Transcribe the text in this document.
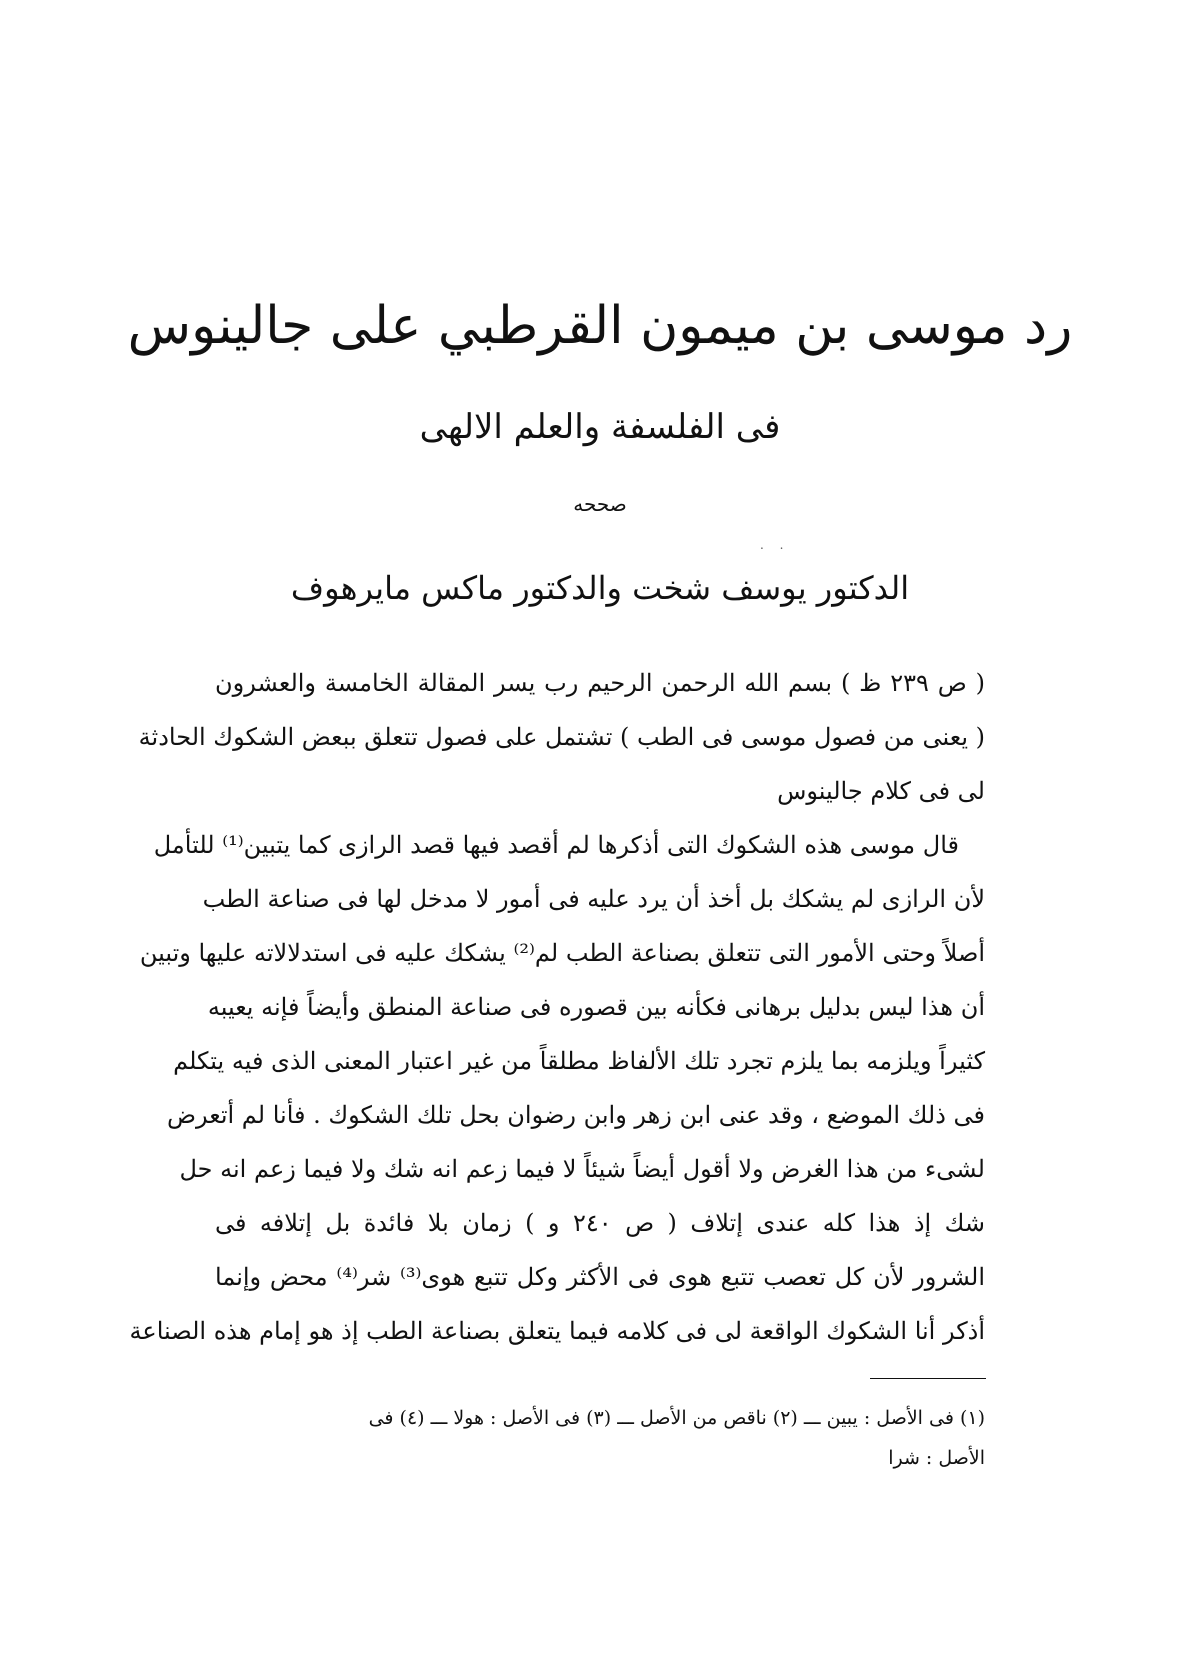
رد موسى بن ميمون القرطبي على جالينوس
فى الفلسفة والعلم الالهى
صححه
. .
الدكتور يوسف شخت والدكتور ماكس مايرهوف
( ص ٢٣٩ ظ ) بسم الله الرحمن الرحيم رب يسر المقالة الخامسة والعشرون
( يعنى من فصول موسى فى الطب ) تشتمل على فصول تتعلق ببعض الشكوك الحادثة
لى فى كلام جالينوس
قال موسى هذه الشكوك التى أذكرها لم أقصد فيها قصد الرازى كما يتبين⁽¹⁾ للتأمل
لأن الرازى لم يشكك بل أخذ أن يرد عليه فى أمور لا مدخل لها فى صناعة الطب
أصلاً وحتى الأمور التى تتعلق بصناعة الطب لم⁽²⁾ يشكك عليه فى استدلالاته عليها وتبين
أن هذا ليس بدليل برهانى فكأنه بين قصوره فى صناعة المنطق وأيضاً فإنه يعيبه
كثيراً ويلزمه بما يلزم تجرد تلك الألفاظ مطلقاً من غير اعتبار المعنى الذى فيه يتكلم
فى ذلك الموضع ، وقد عنى ابن زهر وابن رضوان بحل تلك الشكوك . فأنا لم أتعرض
لشىء من هذا الغرض ولا أقول أيضاً شيئاً لا فيما زعم انه شك ولا فيما زعم انه حل
شك إذ هذا كله عندى إتلاف ( ص ٢٤٠ و ) زمان بلا فائدة بل إتلافه فى
الشرور لأن كل تعصب تتبع هوى فى الأكثر وكل تتبع هوى⁽³⁾ شر⁽⁴⁾ محض وإنما
أذكر أنا الشكوك الواقعة لى فى كلامه فيما يتعلق بصناعة الطب إذ هو إمام هذه الصناعة
(١) فى الأصل : يبين ـــ (٢) ناقص من الأصل ـــ (٣) فى الأصل : هولا ـــ (٤) فى
الأصل : شرا
